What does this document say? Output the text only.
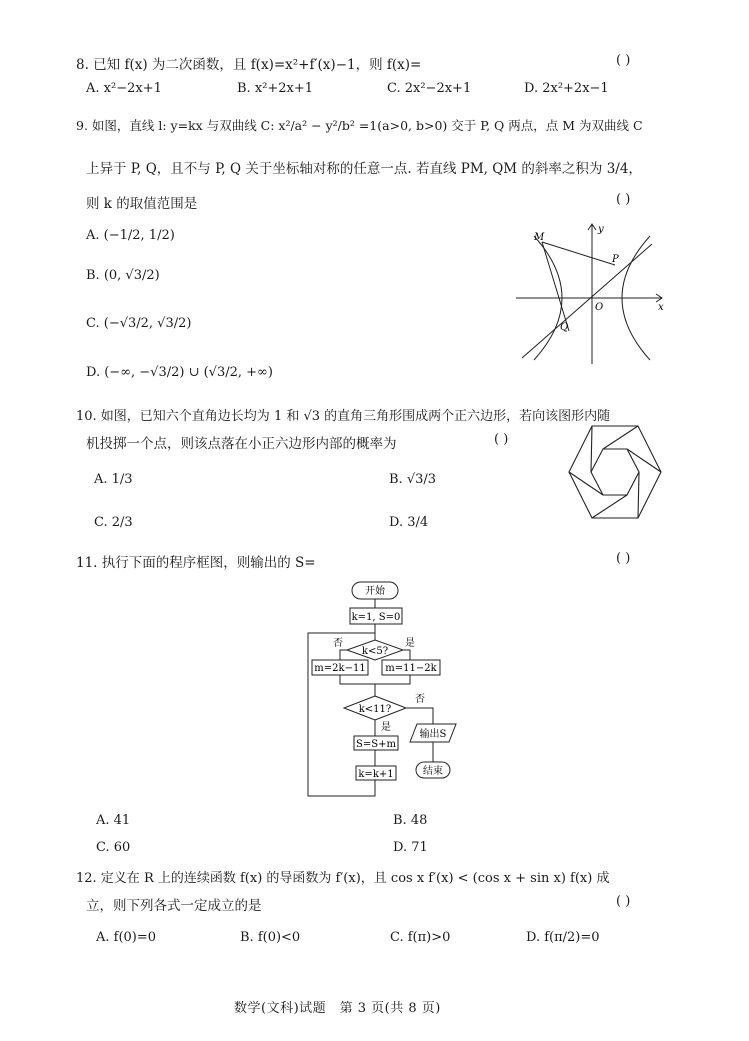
8. 已知 f(x) 为二次函数，且 f(x)=x²+f′(x)−1，则 f(x)=	( )
A. x²−2x+1	B. x²+2x+1	C. 2x²−2x+1	D. 2x²+2x−1
9. 如图，直线 l: y=kx 与双曲线 C: x²/a² − y²/b² =1(a>0, b>0) 交于 P, Q 两点，点 M 为双曲线 C
上异于 P, Q，且不与 P, Q 关于坐标轴对称的任意一点. 若直线 PM, QM 的斜率之积为 3/4，
则 k 的取值范围是	( )
A. (−1/2, 1/2)
B. (0, √3/2)
C. (−√3/2, √3/2)
D. (−∞, −√3/2) ∪ (√3/2, +∞)
M
P
Q
O	x
y
10. 如图，已知六个直角边长均为 1 和 √3 的直角三角形围成两个正六边形，若向该图形内随
机投掷一个点，则该点落在小正六边形内部的概率为	( )
A. 1/3	B. √3/3
C. 2/3	D. 3/4
11. 执行下面的程序框图，则输出的 S=	( )
开始
k=1, S=0
k<5?
否	是
m=2k−11 m=11−2k
k<11?
否
是
S=S+m
k=k+1
输出S
结束
A. 41	B. 48
C. 60	D. 71
12. 定义在 R 上的连续函数 f(x) 的导函数为 f′(x)，且 cos x f′(x) < (cos x + sin x) f(x) 成
立，则下列各式一定成立的是	( )
A. f(0)=0	B. f(0)<0	C. f(π)>0	D. f(π/2)=0
数学(文科)试题　第 3 页(共 8 页)
